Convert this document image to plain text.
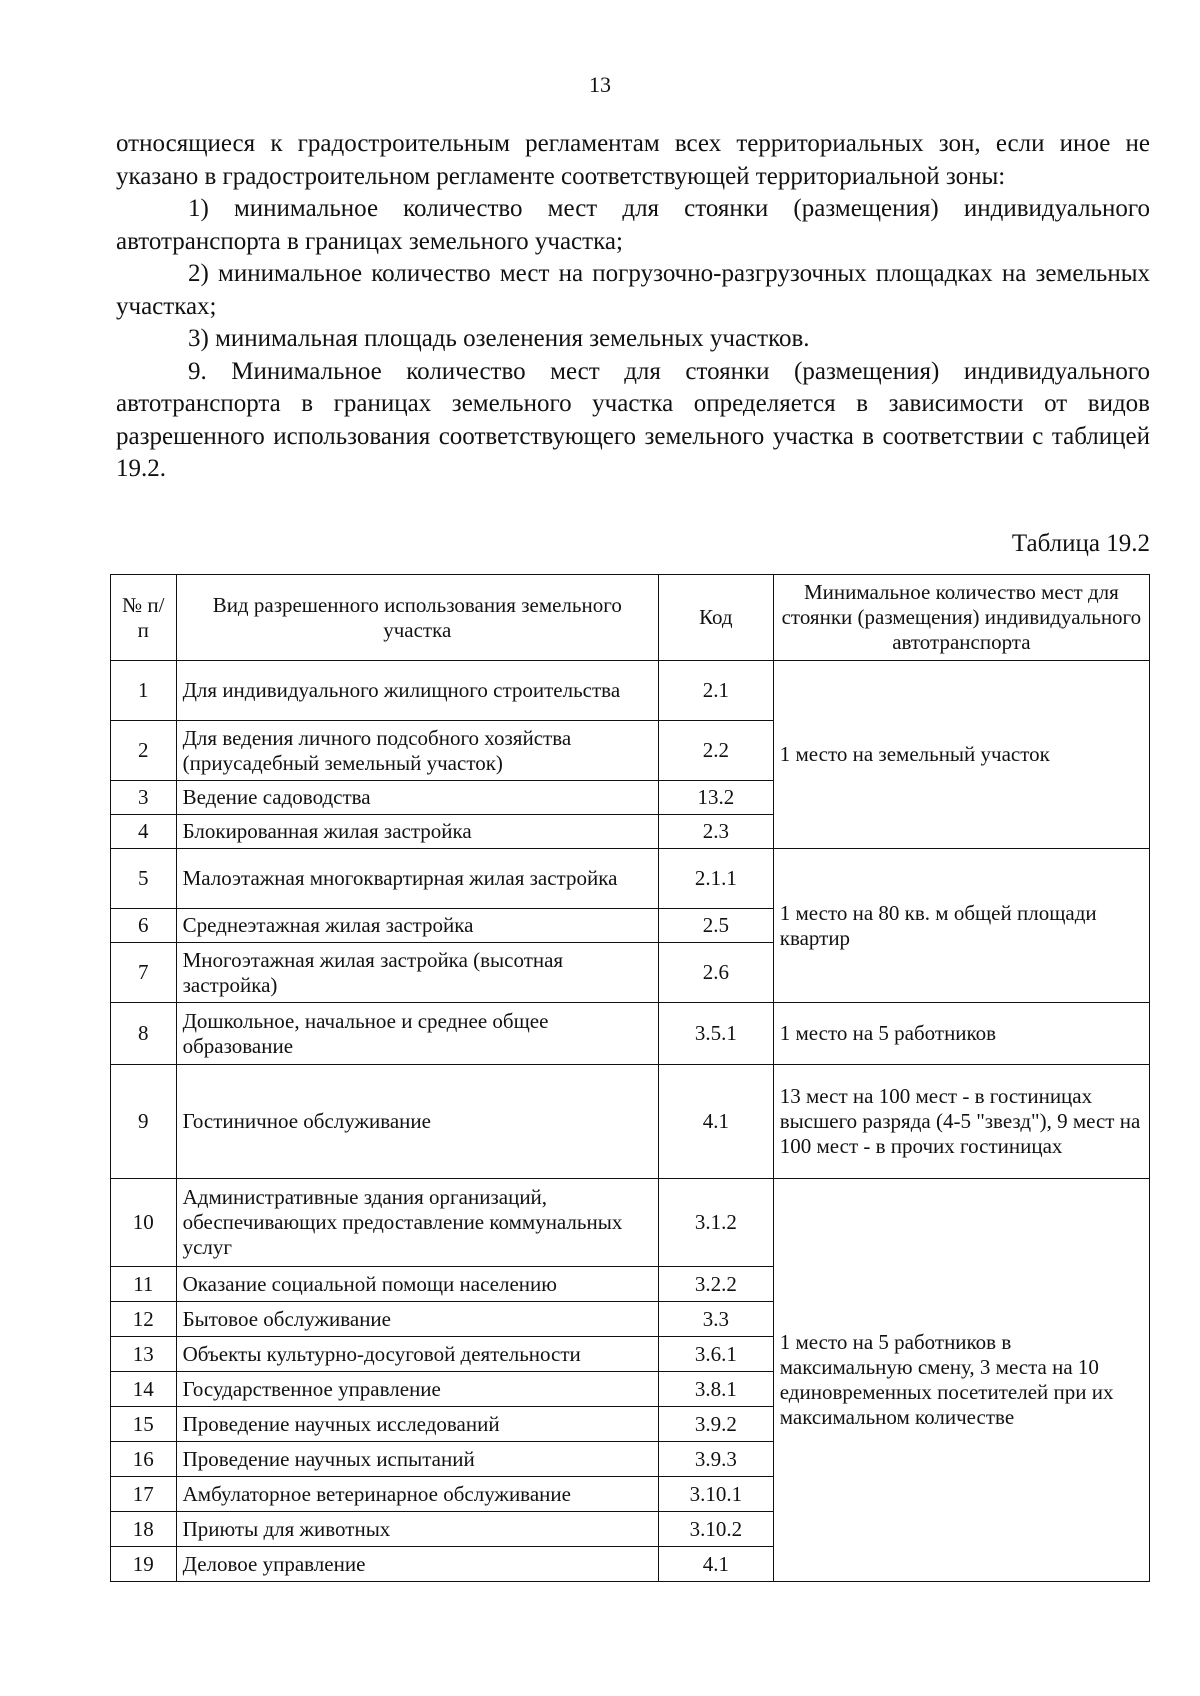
13

относящиеся к градостроительным регламентам всех территориальных зон, если иное не указано в градостроительном регламенте соответствующей территориальной зоны:

1) минимальное количество мест для стоянки (размещения) индивидуального автотранспорта в границах земельного участка;

2) минимальное количество мест на погрузочно-разгрузочных площадках на земельных участках;

3) минимальная площадь озеленения земельных участков.

9. Минимальное количество мест для стоянки (размещения) индивидуального автотранспорта в границах земельного участка определяется в зависимости от видов разрешенного использования соответствующего земельного участка в соответствии с таблицей 19.2.

Таблица 19.2
№ п/п	Вид разрешенного использования земельного участка	Код	Минимальное количество мест для стоянки (размещения) индивидуального автотранспорта
1	Для индивидуального жилищного строительства	2.1	1 место на земельный участок
2	Для ведения личного подсобного хозяйства (приусадебный земельный участок)	2.2	
3	Ведение садоводства	13.2	
4	Блокированная жилая застройка	2.3	
5	Малоэтажная многоквартирная жилая застройка	2.1.1	1 место на 80 кв. м общей площади квартир
6	Среднеэтажная жилая застройка	2.5	
7	Многоэтажная жилая застройка (высотная застройка)	2.6	
8	Дошкольное, начальное и среднее общее образование	3.5.1	1 место на 5 работников
9	Гостиничное обслуживание	4.1	13 мест на 100 мест - в гостиницах высшего разряда (4-5 "звезд"), 9 мест на 100 мест - в прочих гостиницах
10	Административные здания организаций, обеспечивающих предоставление коммунальных услуг	3.1.2	1 место на 5 работников в максимальную смену, 3 места на 10 единовременных посетителей при их максимальном количестве
11	Оказание социальной помощи населению	3.2.2	
12	Бытовое обслуживание	3.3	
13	Объекты культурно-досуговой деятельности	3.6.1	
14	Государственное управление	3.8.1	
15	Проведение научных исследований	3.9.2	
16	Проведение научных испытаний	3.9.3	
17	Амбулаторное ветеринарное обслуживание	3.10.1	
18	Приюты для животных	3.10.2	
19	Деловое управление	4.1	
